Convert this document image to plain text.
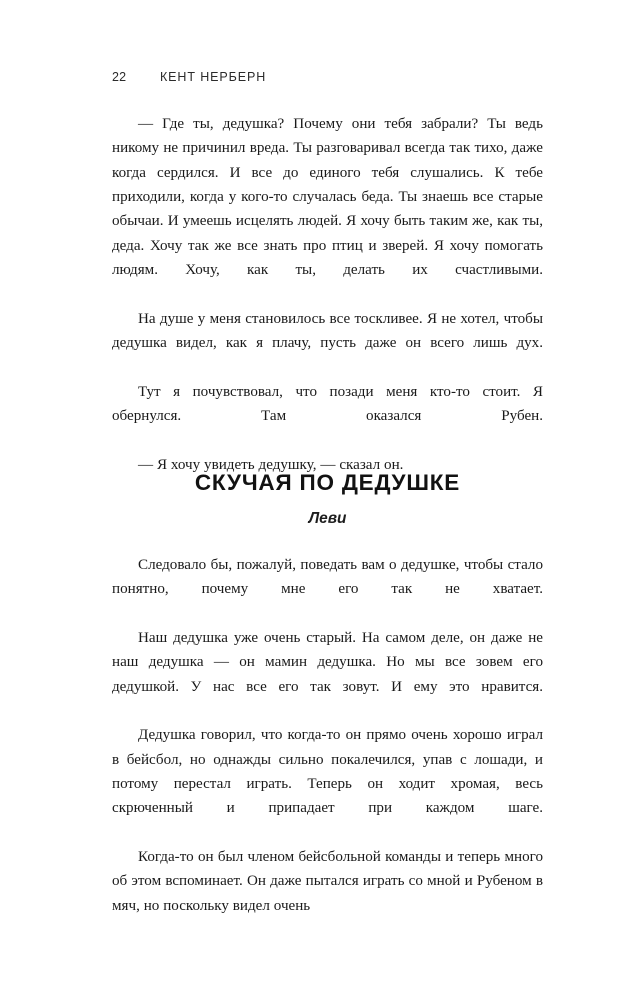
22	КЕНТ НЕРБЕРН

— Где ты, дедушка? Почему они тебя забрали? Ты ведь никому не причинил вреда. Ты разговаривал всегда так тихо, даже когда сердился. И все до единого тебя слушались. К тебе приходили, когда у кого-то случалась беда. Ты знаешь все старые обычаи. И умеешь исцелять людей. Я хочу быть таким же, как ты, деда. Хочу так же все знать про птиц и зверей. Я хочу помогать людям. Хочу, как ты, делать их счастливыми.

На душе у меня становилось все тоскливее. Я не хотел, чтобы дедушка видел, как я плачу, пусть даже он всего лишь дух.

Тут я почувствовал, что позади меня кто-то стоит. Я обернулся. Там оказался Рубен.

— Я хочу увидеть дедушку, — сказал он.

СКУЧАЯ ПО ДЕДУШКЕ

Леви

Следовало бы, пожалуй, поведать вам о дедушке, чтобы стало понятно, почему мне его так не хватает.

Наш дедушка уже очень старый. На самом деле, он даже не наш дедушка — он мамин дедушка. Но мы все зовем его дедушкой. У нас все его так зовут. И ему это нравится.

Дедушка говорил, что когда-то он прямо очень хорошо играл в бейсбол, но однажды сильно покалечился, упав с лошади, и потому перестал играть. Теперь он ходит хромая, весь скрюченный и припадает при каждом шаге.

Когда-то он был членом бейсбольной команды и теперь много об этом вспоминает. Он даже пытался играть со мной и Рубеном в мяч, но поскольку видел очень
